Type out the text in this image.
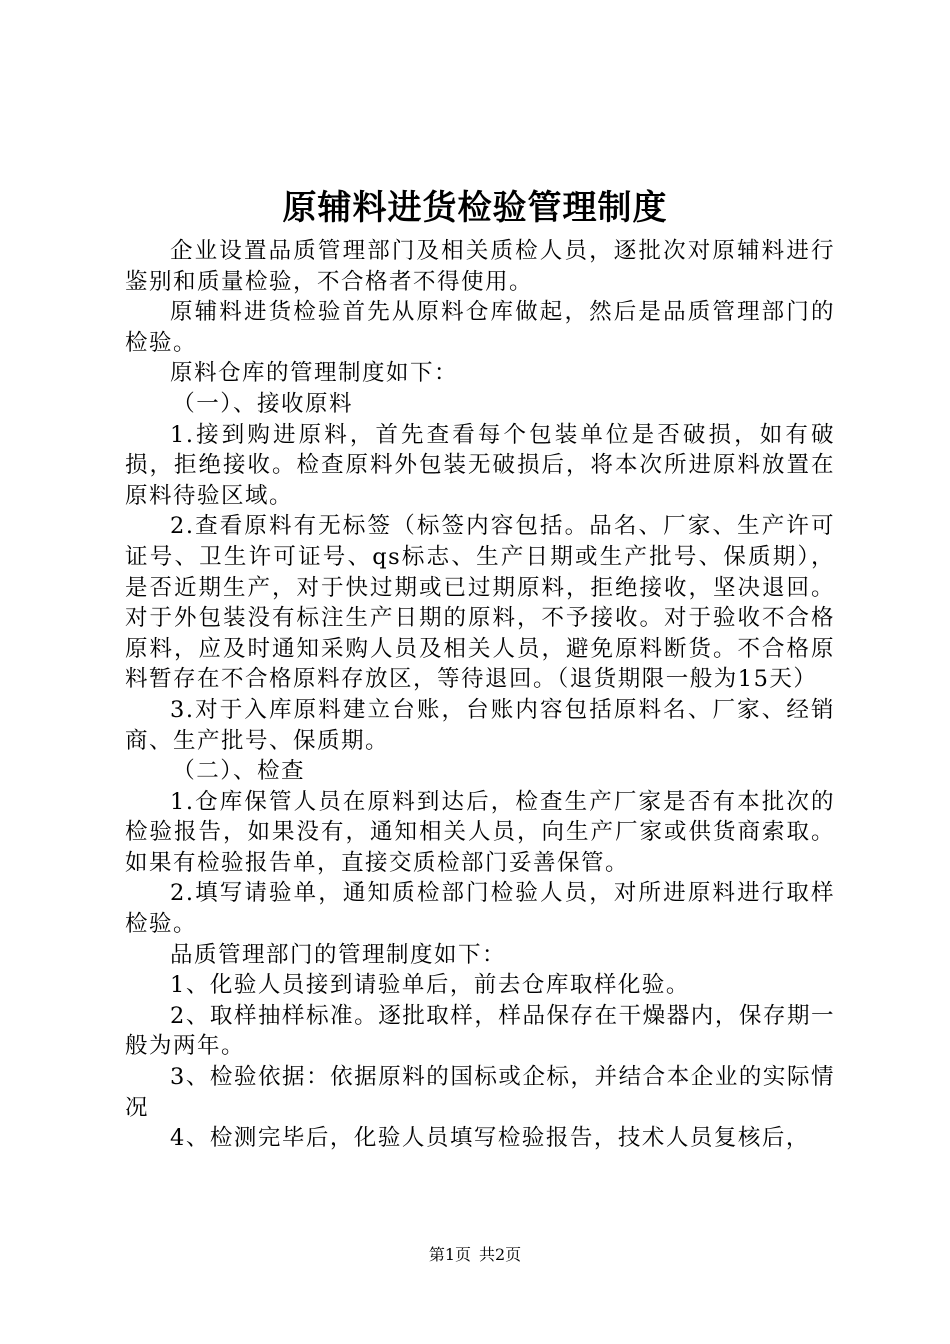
原辅料进货检验管理制度

企业设置品质管理部门及相关质检人员，逐批次对原辅料进行鉴别和质量检验，不合格者不得使用。

原辅料进货检验首先从原料仓库做起，然后是品质管理部门的检验。

原料仓库的管理制度如下：

（一）、接收原料

1.接到购进原料，首先查看每个包装单位是否破损，如有破损，拒绝接收。检查原料外包装无破损后，将本次所进原料放置在原料待验区域。

2.查看原料有无标签（标签内容包括。品名、厂家、生产许可证号、卫生许可证号、qs标志、生产日期或生产批号、保质期），是否近期生产，对于快过期或已过期原料，拒绝接收，坚决退回。对于外包装没有标注生产日期的原料，不予接收。对于验收不合格原料，应及时通知采购人员及相关人员，避免原料断货。不合格原料暂存在不合格原料存放区，等待退回。（退货期限一般为15天）

3.对于入库原料建立台账，台账内容包括原料名、厂家、经销商、生产批号、保质期。

（二）、检查

1.仓库保管人员在原料到达后，检查生产厂家是否有本批次的检验报告，如果没有，通知相关人员，向生产厂家或供货商索取。如果有检验报告单，直接交质检部门妥善保管。

2.填写请验单，通知质检部门检验人员，对所进原料进行取样检验。

品质管理部门的管理制度如下：

1、化验人员接到请验单后，前去仓库取样化验。

2、取样抽样标准。逐批取样，样品保存在干燥器内，保存期一般为两年。

3、检验依据：依据原料的国标或企标，并结合本企业的实际情况

4、检测完毕后，化验人员填写检验报告，技术人员复核后，

第1页 共2页
